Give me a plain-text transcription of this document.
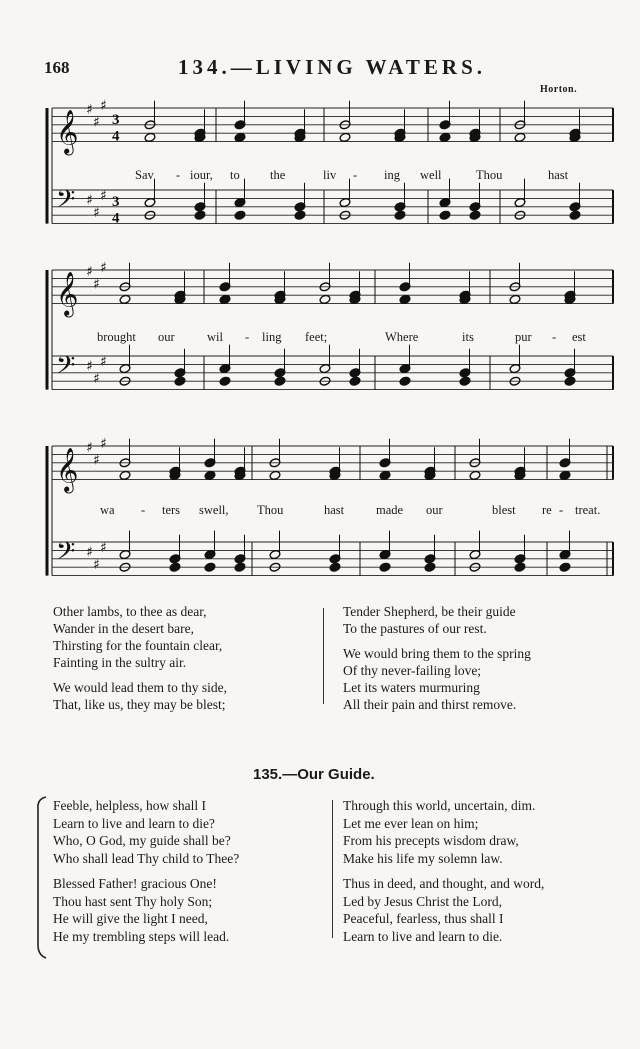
168	134.—LIVING WATERS.
Horton.
𝄞 ♯
♯
♯
𝄢 ♯
♯
♯
𝄞 ♯
♯
♯
𝄢 ♯
♯
♯
𝄞 ♯
♯
♯
𝄢 ♯
♯
♯
3
4
3
4
Sav - iour, to the	liv - ing well	Thou	hast
brought our	wil - ling feet;	Where	its	pur - est
wa - ters swell, Thou	hast	made our	blest re - treat.

Other lambs, to thee as dear,

Wander in the desert bare,

Thirsting for the fountain clear,

Fainting in the sultry air.

We would lead them to thy side,

That, like us, they may be blest;

Tender Shepherd, be their guide

To the pastures of our rest.

We would bring them to the spring

Of thy never-failing love;

Let its waters murmuring

All their pain and thirst remove.

135.—Our Guide.

Feeble, helpless, how shall I

Learn to live and learn to die?

Who, O God, my guide shall be?

Who shall lead Thy child to Thee?

Blessed Father! gracious One!

Thou hast sent Thy holy Son;

He will give the light I need,

He my trembling steps will lead.

Through this world, uncertain, dim.

Let me ever lean on him;

From his precepts wisdom draw,

Make his life my solemn law.

Thus in deed, and thought, and word,

Led by Jesus Christ the Lord,

Peaceful, fearless, thus shall I

Learn to live and learn to die.
